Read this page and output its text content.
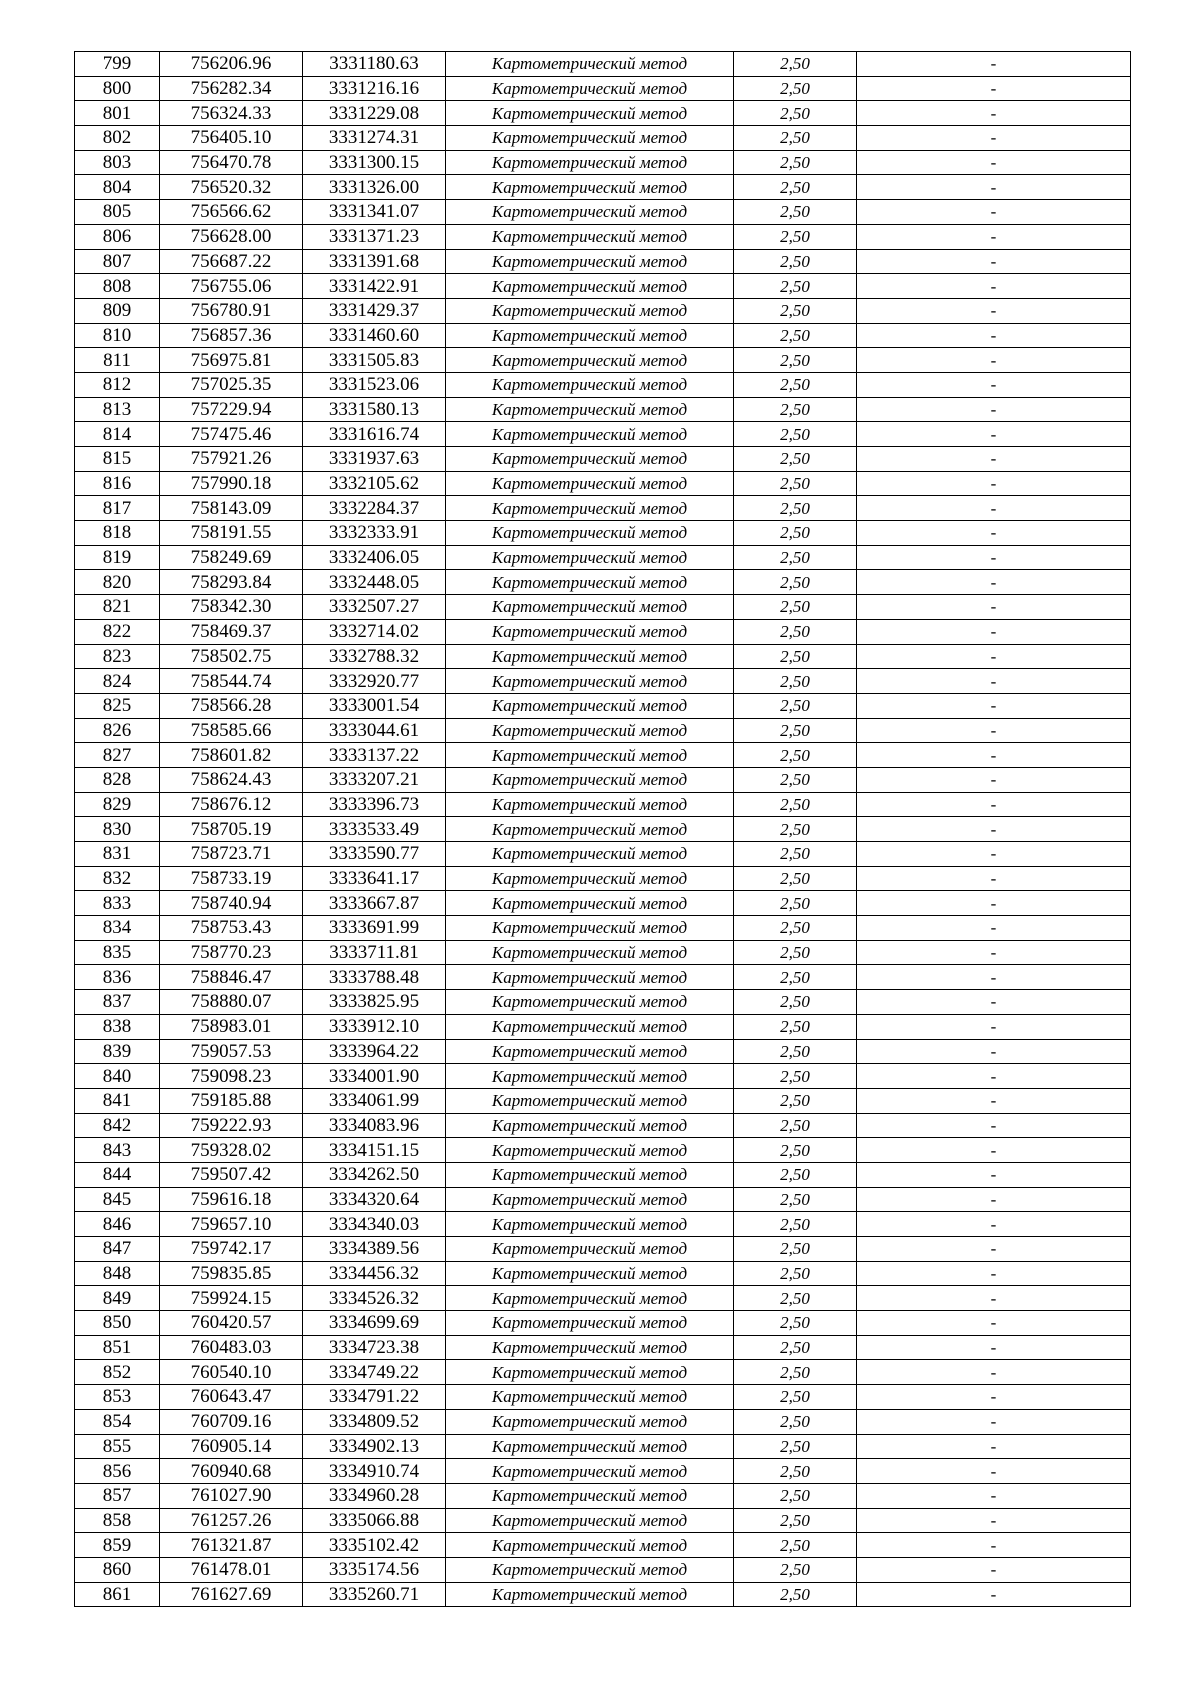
799	756206.96	3331180.63	Картометрический метод	2,50	-
800	756282.34	3331216.16	Картометрический метод	2,50	-
801	756324.33	3331229.08	Картометрический метод	2,50	-
802	756405.10	3331274.31	Картометрический метод	2,50	-
803	756470.78	3331300.15	Картометрический метод	2,50	-
804	756520.32	3331326.00	Картометрический метод	2,50	-
805	756566.62	3331341.07	Картометрический метод	2,50	-
806	756628.00	3331371.23	Картометрический метод	2,50	-
807	756687.22	3331391.68	Картометрический метод	2,50	-
808	756755.06	3331422.91	Картометрический метод	2,50	-
809	756780.91	3331429.37	Картометрический метод	2,50	-
810	756857.36	3331460.60	Картометрический метод	2,50	-
811	756975.81	3331505.83	Картометрический метод	2,50	-
812	757025.35	3331523.06	Картометрический метод	2,50	-
813	757229.94	3331580.13	Картометрический метод	2,50	-
814	757475.46	3331616.74	Картометрический метод	2,50	-
815	757921.26	3331937.63	Картометрический метод	2,50	-
816	757990.18	3332105.62	Картометрический метод	2,50	-
817	758143.09	3332284.37	Картометрический метод	2,50	-
818	758191.55	3332333.91	Картометрический метод	2,50	-
819	758249.69	3332406.05	Картометрический метод	2,50	-
820	758293.84	3332448.05	Картометрический метод	2,50	-
821	758342.30	3332507.27	Картометрический метод	2,50	-
822	758469.37	3332714.02	Картометрический метод	2,50	-
823	758502.75	3332788.32	Картометрический метод	2,50	-
824	758544.74	3332920.77	Картометрический метод	2,50	-
825	758566.28	3333001.54	Картометрический метод	2,50	-
826	758585.66	3333044.61	Картометрический метод	2,50	-
827	758601.82	3333137.22	Картометрический метод	2,50	-
828	758624.43	3333207.21	Картометрический метод	2,50	-
829	758676.12	3333396.73	Картометрический метод	2,50	-
830	758705.19	3333533.49	Картометрический метод	2,50	-
831	758723.71	3333590.77	Картометрический метод	2,50	-
832	758733.19	3333641.17	Картометрический метод	2,50	-
833	758740.94	3333667.87	Картометрический метод	2,50	-
834	758753.43	3333691.99	Картометрический метод	2,50	-
835	758770.23	3333711.81	Картометрический метод	2,50	-
836	758846.47	3333788.48	Картометрический метод	2,50	-
837	758880.07	3333825.95	Картометрический метод	2,50	-
838	758983.01	3333912.10	Картометрический метод	2,50	-
839	759057.53	3333964.22	Картометрический метод	2,50	-
840	759098.23	3334001.90	Картометрический метод	2,50	-
841	759185.88	3334061.99	Картометрический метод	2,50	-
842	759222.93	3334083.96	Картометрический метод	2,50	-
843	759328.02	3334151.15	Картометрический метод	2,50	-
844	759507.42	3334262.50	Картометрический метод	2,50	-
845	759616.18	3334320.64	Картометрический метод	2,50	-
846	759657.10	3334340.03	Картометрический метод	2,50	-
847	759742.17	3334389.56	Картометрический метод	2,50	-
848	759835.85	3334456.32	Картометрический метод	2,50	-
849	759924.15	3334526.32	Картометрический метод	2,50	-
850	760420.57	3334699.69	Картометрический метод	2,50	-
851	760483.03	3334723.38	Картометрический метод	2,50	-
852	760540.10	3334749.22	Картометрический метод	2,50	-
853	760643.47	3334791.22	Картометрический метод	2,50	-
854	760709.16	3334809.52	Картометрический метод	2,50	-
855	760905.14	3334902.13	Картометрический метод	2,50	-
856	760940.68	3334910.74	Картометрический метод	2,50	-
857	761027.90	3334960.28	Картометрический метод	2,50	-
858	761257.26	3335066.88	Картометрический метод	2,50	-
859	761321.87	3335102.42	Картометрический метод	2,50	-
860	761478.01	3335174.56	Картометрический метод	2,50	-
861	761627.69	3335260.71	Картометрический метод	2,50	-
